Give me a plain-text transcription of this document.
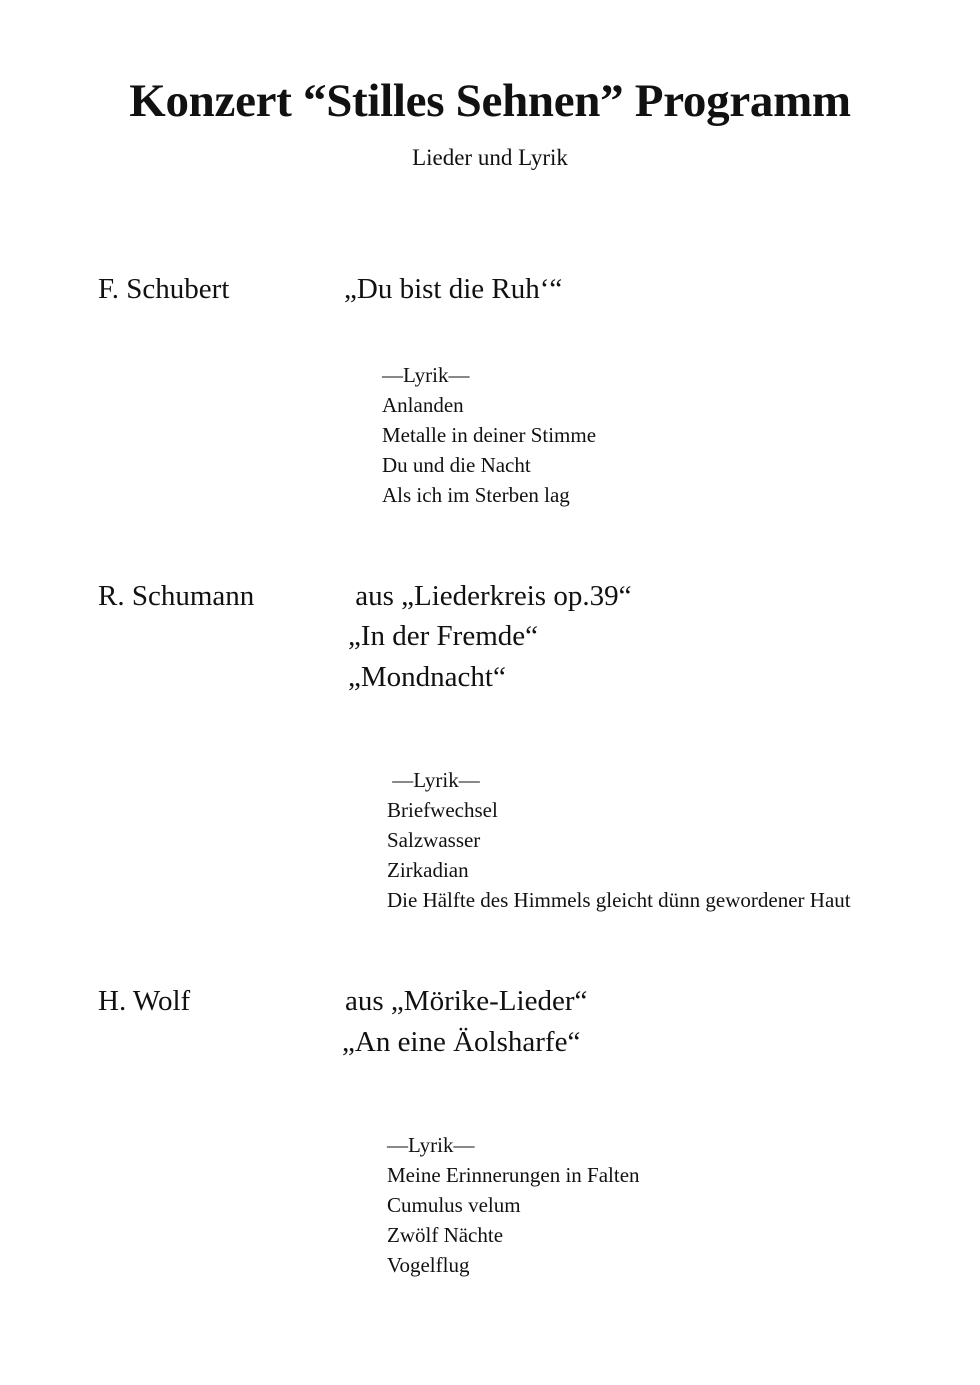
Konzert “Stilles Sehnen” Programm
Lieder und Lyrik
F. Schubert	„Du bist die Ruh‘“
—Lyrik—
Anlanden
Metalle in deiner Stimme
Du und die Nacht
Als ich im Sterben lag
R. Schumann	aus „Liederkreis op.39“
„In der Fremde“
„Mondnacht“
—Lyrik—
Briefwechsel
Salzwasser
Zirkadian
Die Hälfte des Himmels gleicht dünn gewordener Haut
H. Wolf	aus „Mörike-Lieder“
„An eine Äolsharfe“
—Lyrik—
Meine Erinnerungen in Falten
Cumulus velum
Zwölf Nächte
Vogelflug
